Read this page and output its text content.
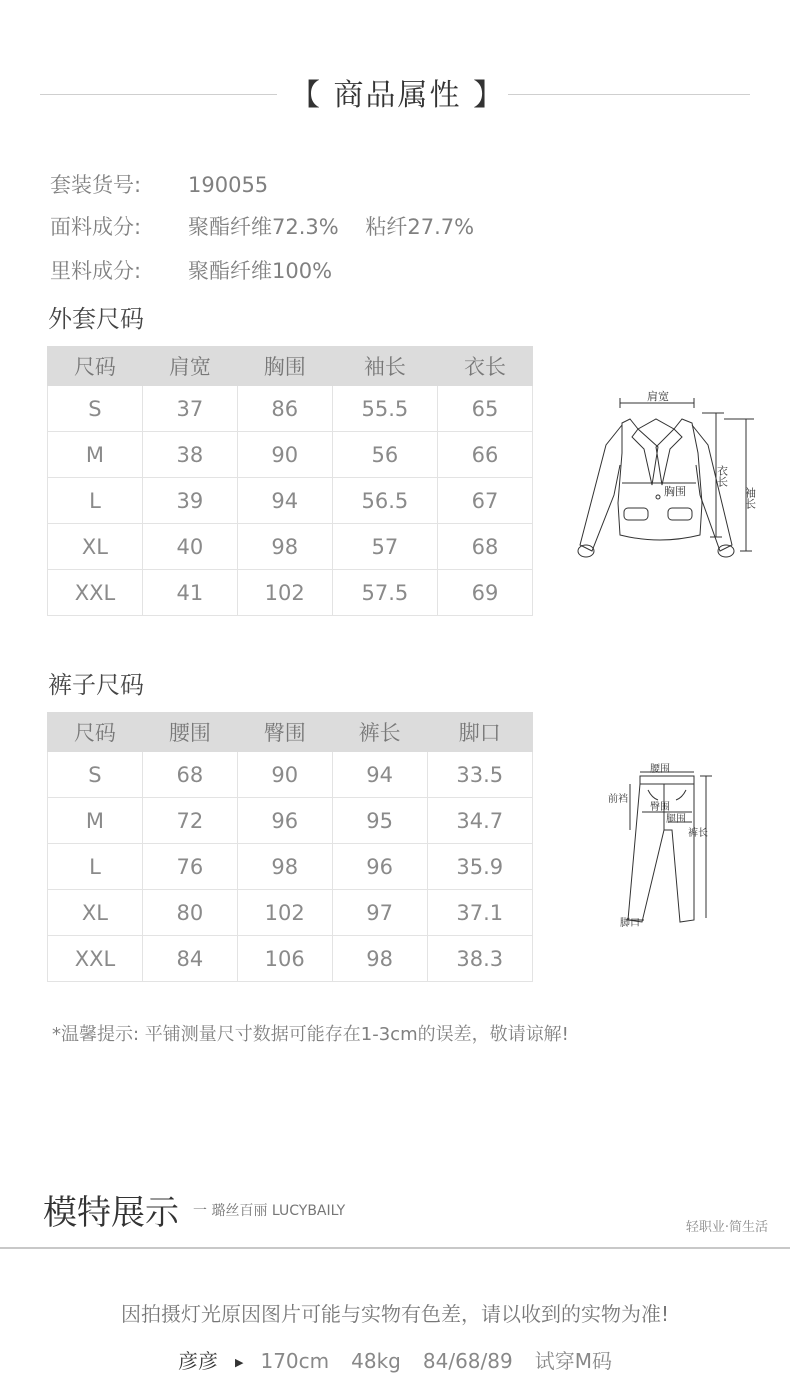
【 商品属性 】
套装货号: 190055
面料成分: 聚酯纤维72.3%    粘纤27.7%
里料成分: 聚酯纤维100%
外套尺码
尺码	肩宽	胸围	袖长	衣长
S	37	86	55.5	65
M	38	90	56	66
L	39	94	56.5	67
XL	40	98	57	68
XXL	41	102	57.5	69
肩宽
胸围
衣长
袖长
裤子尺码
尺码	腰围	臀围	裤长	脚口
S	68	90	94	33.5
M	72	96	95	34.7
L	76	98	96	35.9
XL	80	102	97	37.1
XXL	84	106	98	38.3
腰围
前裆
臀围
腿围
裤长
脚口
*温馨提示: 平铺测量尺寸数据可能存在1-3cm的误差，敬请谅解!
模特展示 一 璐丝百丽 LUCYBAILY
轻职业·简生活
因拍摄灯光原因图片可能与实物有色差，请以收到的实物为准!
彦彦 ▶ 170cm 48kg 84/68/89 试穿M码
